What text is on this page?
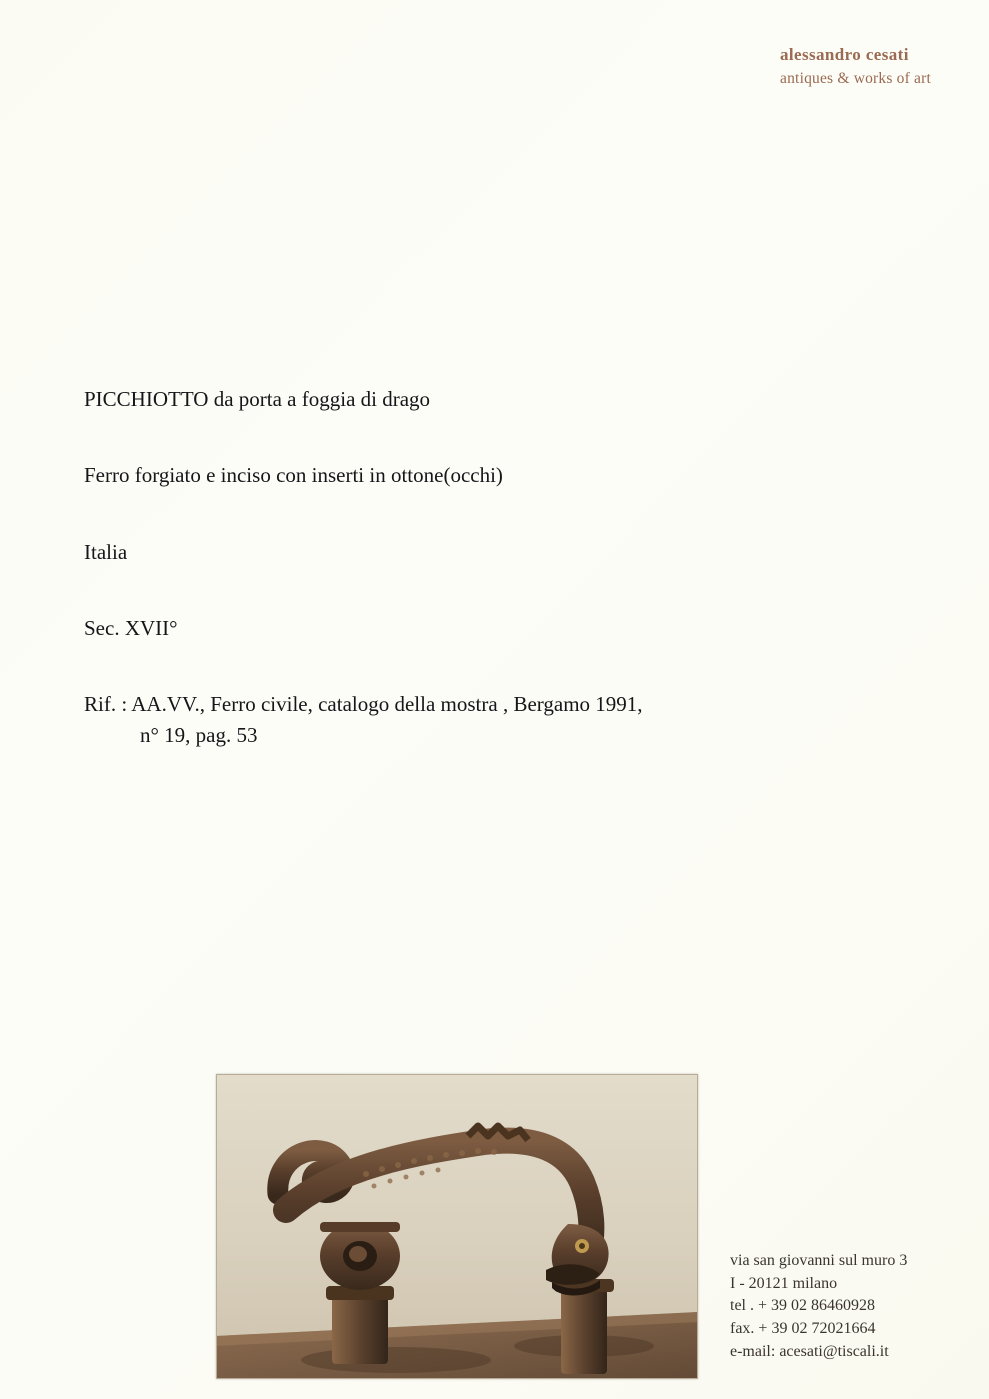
alessandro cesati
antiques & works of art
PICCHIOTTO da porta a foggia di drago
Ferro forgiato e inciso con inserti in ottone(occhi)
Italia
Sec. XVII°
Rif. : AA.VV., Ferro civile, catalogo della mostra , Bergamo 1991,
n° 19, pag. 53
via san giovanni sul muro 3
I - 20121 milano
tel . + 39 02 86460928
fax. + 39 02 72021664
e-mail: acesati@tiscali.it
